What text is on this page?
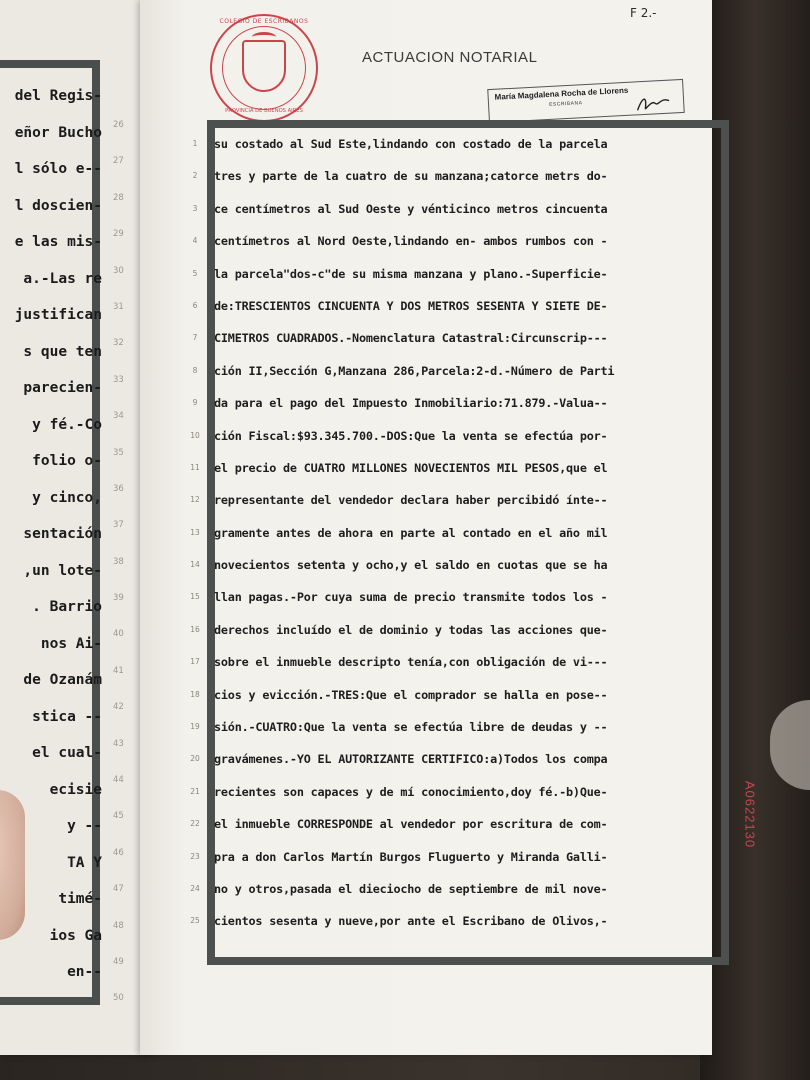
del Regis-
eñor Bucho
l sólo e--
l doscien-
e las mis-
a.-Las re
justifican
s que ten
parecien-
y fé.-Co
folio o-
y cinco,
sentación
,un lote-
. Barrio
nos Ai-
de Ozanám
stica --
el cual-
ecisie
y --
TA Y
timé-
ios Ga
en--
26
27
28
29
30
31
32
33
34
35
36
37
38
39
40
41
42
43
44
45
46
47
48
49
50
COLEGIO DE ESCRIBANOS
PROVINCIA DE BUENOS AIRES
F 2.-
ACTUACION NOTARIAL
María Magdalena Rocha de Llorens
ESCRIBANA
1
2
3
4
5
6
7
8
9
10
11
12
13
14
15
16
17
18
19
20
21
22
23
24
25
su costado al Sud Este,lindando con costado de la parcela
tres y parte de la cuatro de su manzana;catorce metrs do-
ce centímetros al Sud Oeste y vénticinco metros cincuenta
centímetros al Nord Oeste,lindando en- ambos rumbos con -
la parcela"dos-c"de su misma manzana y plano.-Superficie-
de:TRESCIENTOS CINCUENTA Y DOS METROS SESENTA Y SIETE DE-
CIMETROS CUADRADOS.-Nomenclatura Catastral:Circunscrip---
ción II,Sección G,Manzana 286,Parcela:2-d.-Número de Parti
da para el pago del Impuesto Inmobiliario:71.879.-Valua--
ción Fiscal:$93.345.700.-DOS:Que la venta se efectúa por-
el precio de CUATRO MILLONES NOVECIENTOS MIL PESOS,que el
representante del vendedor declara haber percibidó ínte--
gramente antes de ahora en parte al contado en el año mil
novecientos setenta y ocho,y el saldo en cuotas que se ha
llan pagas.-Por cuya suma de precio transmite todos los -
derechos incluído el de dominio y todas las acciones que-
sobre el inmueble descripto tenía,con obligación de vi---
cios y evicción.-TRES:Que el comprador se halla en pose--
sión.-CUATRO:Que la venta se efectúa libre de deudas y --
gravámenes.-YO EL AUTORIZANTE CERTIFICO:a)Todos los compa
recientes son capaces y de mí conocimiento,doy fé.-b)Que-
el inmueble CORRESPONDE al vendedor por escritura de com-
pra a don Carlos Martín Burgos Fluguerto y Miranda Galli-
no y otros,pasada el dieciocho de septiembre de mil nove-
cientos sesenta y nueve,por ante el Escribano de Olivos,-
A0622130
